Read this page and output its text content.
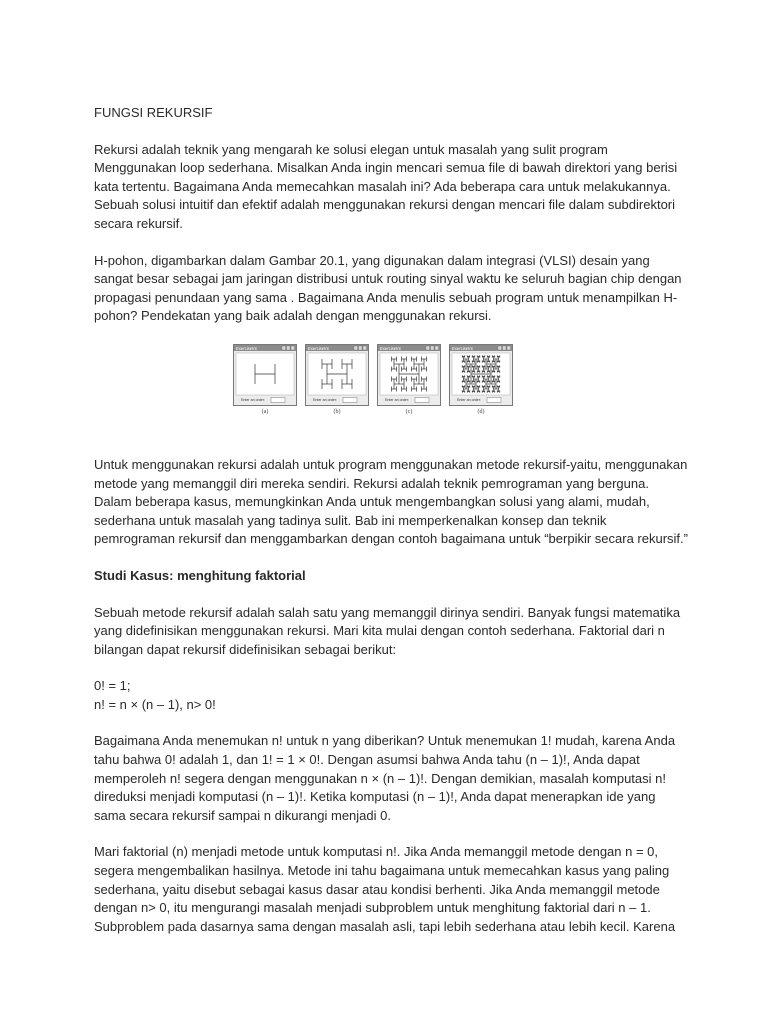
FUNGSI REKURSIF

Rekursi adalah teknik yang mengarah ke solusi elegan untuk masalah yang sulit program Menggunakan loop sederhana. Misalkan Anda ingin mencari semua file di bawah direktori yang berisi kata tertentu. Bagaimana Anda memecahkan masalah ini? Ada beberapa cara untuk melakukannya. Sebuah solusi intuitif dan efektif adalah menggunakan rekursi dengan mencari file dalam subdirektori secara rekursif.

H-pohon, digambarkan dalam Gambar 20.1, yang digunakan dalam integrasi (VLSI) desain yang sangat besar sebagai jam jaringan distribusi untuk routing sinyal waktu ke seluruh bagian chip dengan propagasi penundaan yang sama . Bagaimana Anda menulis sebuah program untuk menampilkan H-pohon? Pendekatan yang baik adalah dengan menggunakan rekursi.

ExerciseInt
Enter an order:
ExerciseInt
Enter an order:
ExerciseInt
Enter an order:
ExerciseInt
Enter an order:
(a)	(b)	(c)	(d)

Untuk menggunakan rekursi adalah untuk program menggunakan metode rekursif-yaitu, menggunakan metode yang memanggil diri mereka sendiri. Rekursi adalah teknik pemrograman yang berguna. Dalam beberapa kasus, memungkinkan Anda untuk mengembangkan solusi yang alami, mudah, sederhana untuk masalah yang tadinya sulit. Bab ini memperkenalkan konsep dan teknik pemrograman rekursif dan menggambarkan dengan contoh bagaimana untuk “berpikir secara rekursif.”

Studi Kasus: menghitung faktorial

Sebuah metode rekursif adalah salah satu yang memanggil dirinya sendiri. Banyak fungsi matematika yang didefinisikan menggunakan rekursi. Mari kita mulai dengan contoh sederhana. Faktorial dari n bilangan dapat rekursif didefinisikan sebagai berikut:

0! = 1;

n! = n × (n – 1), n> 0!

Bagaimana Anda menemukan n! untuk n yang diberikan? Untuk menemukan 1! mudah, karena Anda tahu bahwa 0! adalah 1, dan 1! = 1 × 0!. Dengan asumsi bahwa Anda tahu (n – 1)!, Anda dapat memperoleh n! segera dengan menggunakan n × (n – 1)!. Dengan demikian, masalah komputasi n! direduksi menjadi komputasi (n – 1)!. Ketika komputasi (n – 1)!, Anda dapat menerapkan ide yang sama secara rekursif sampai n dikurangi menjadi 0.

Mari faktorial (n) menjadi metode untuk komputasi n!. Jika Anda memanggil metode dengan n = 0, segera mengembalikan hasilnya. Metode ini tahu bagaimana untuk memecahkan kasus yang paling sederhana, yaitu disebut sebagai kasus dasar atau kondisi berhenti. Jika Anda memanggil metode dengan n> 0, itu mengurangi masalah menjadi subproblem untuk menghitung faktorial dari n – 1. Subproblem pada dasarnya sama dengan masalah asli, tapi lebih sederhana atau lebih kecil. Karena
